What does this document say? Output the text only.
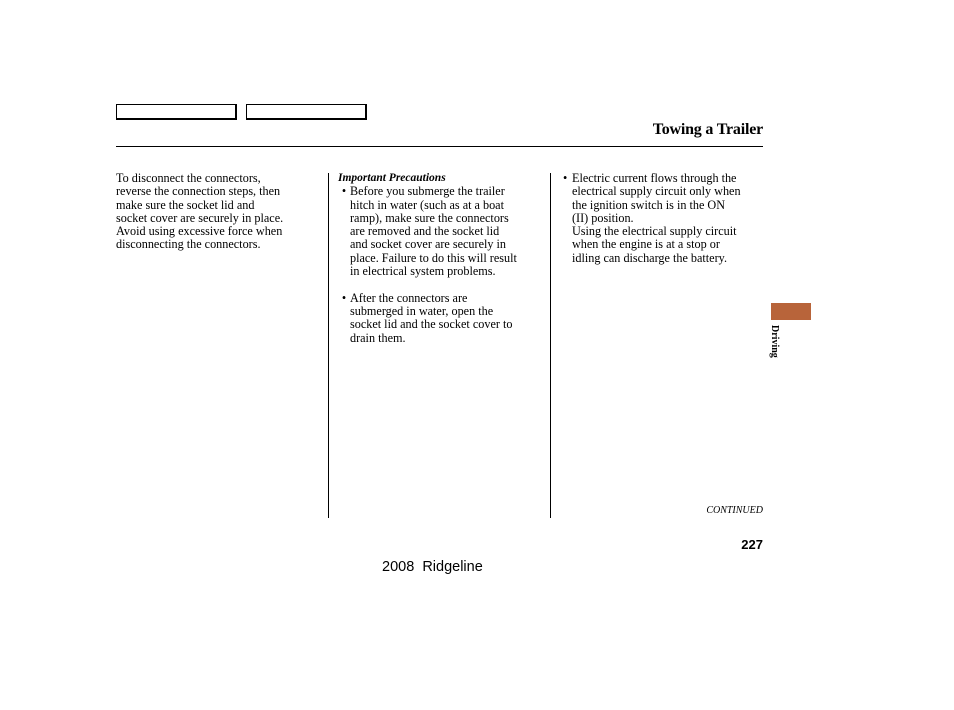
Towing a Trailer
To disconnect the connectors,
reverse the connection steps, then
make sure the socket lid and
socket cover are securely in place.
Avoid using excessive force when
disconnecting the connectors.
Important Precautions
• Before you submerge the trailer
hitch in water (such as at a boat
ramp), make sure the connectors
are removed and the socket lid
and socket cover are securely in
place. Failure to do this will result
in electrical system problems.
• After the connectors are
submerged in water, open the
socket lid and the socket cover to
drain them.
• Electric current flows through the
electrical supply circuit only when
the ignition switch is in the ON
(II) position.
Using the electrical supply circuit
when the engine is at a stop or
idling can discharge the battery.
Driving
CONTINUED
227
2008  Ridgeline
